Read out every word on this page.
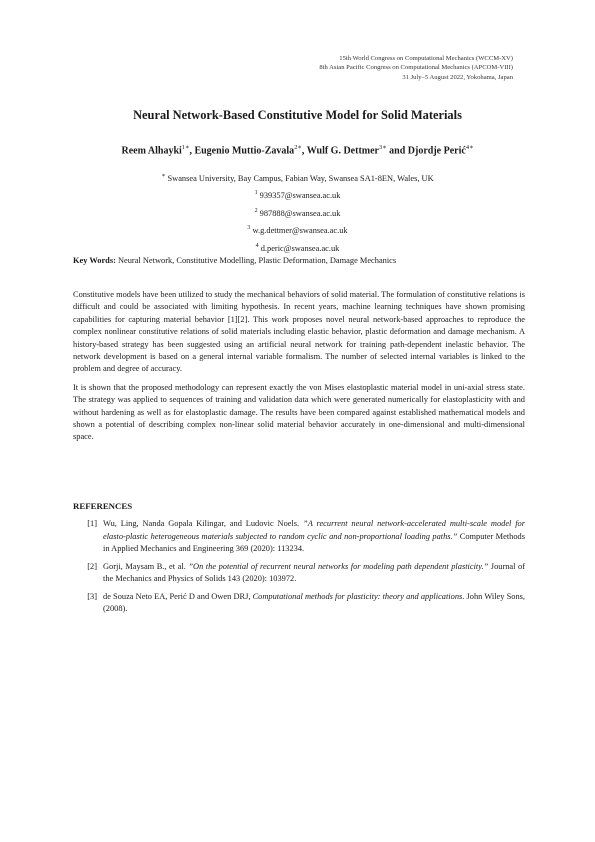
15th World Congress on Computational Mechanics (WCCM-XV)
8th Asian Pacific Congress on Computational Mechanics (APCOM-VIII)
31 July–5 August 2022, Yokohama, Japan
Neural Network-Based Constitutive Model for Solid Materials
Reem Alhayki$^{1∗}$, Eugenio Muttio-Zavala$^{2∗}$, Wulf G. Dettmer$^{3∗}$ and Djordje Perić$^{4∗}$
∗ Swansea University, Bay Campus, Fabian Way, Swansea SA1-8EN, Wales, UK
$^1$ 939357@swansea.ac.uk
$^2$ 987888@swansea.ac.uk
$^3$ w.g.dettmer@swansea.ac.uk
$^4$ d.peric@swansea.ac.uk
Key Words: Neural Network, Constitutive Modelling, Plastic Deformation, Damage Mechanics

Constitutive models have been utilized to study the mechanical behaviors of solid material. The formulation of constitutive relations is difficult and could be associated with limiting hypothesis. In recent years, machine learning techniques have shown promising capabilities for capturing material behavior [1][2]. This work proposes novel neural network-based approaches to reproduce the complex nonlinear constitutive relations of solid materials including elastic behavior, plastic deformation and damage mechanism. A history-based strategy has been suggested using an artificial neural network for training path-dependent inelastic behavior. The network development is based on a general internal variable formalism. The number of selected internal variables is linked to the problem and degree of accuracy.

It is shown that the proposed methodology can represent exactly the von Mises elastoplastic material model in uni-axial stress state. The strategy was applied to sequences of training and validation data which were generated numerically for elastoplasticity with and without hardening as well as for elastoplastic damage. The results have been compared against established mathematical models and shown a potential of describing complex non-linear solid material behavior accurately in one-dimensional and multi-dimensional space.

REFERENCES
[1] Wu, Ling, Nanda Gopala Kilingar, and Ludovic Noels. ”A recurrent neural network-accelerated multi-scale model for elasto-plastic heterogeneous materials subjected to random cyclic and non-proportional loading paths.” Computer Methods in Applied Mechanics and Engineering 369 (2020): 113234.
[2] Gorji, Maysam B., et al. ”On the potential of recurrent neural networks for modeling path dependent plasticity.” Journal of the Mechanics and Physics of Solids 143 (2020): 103972.
[3] de Souza Neto EA, Perić D and Owen DRJ, Computational methods for plasticity: theory and applications. John Wiley Sons, (2008).
